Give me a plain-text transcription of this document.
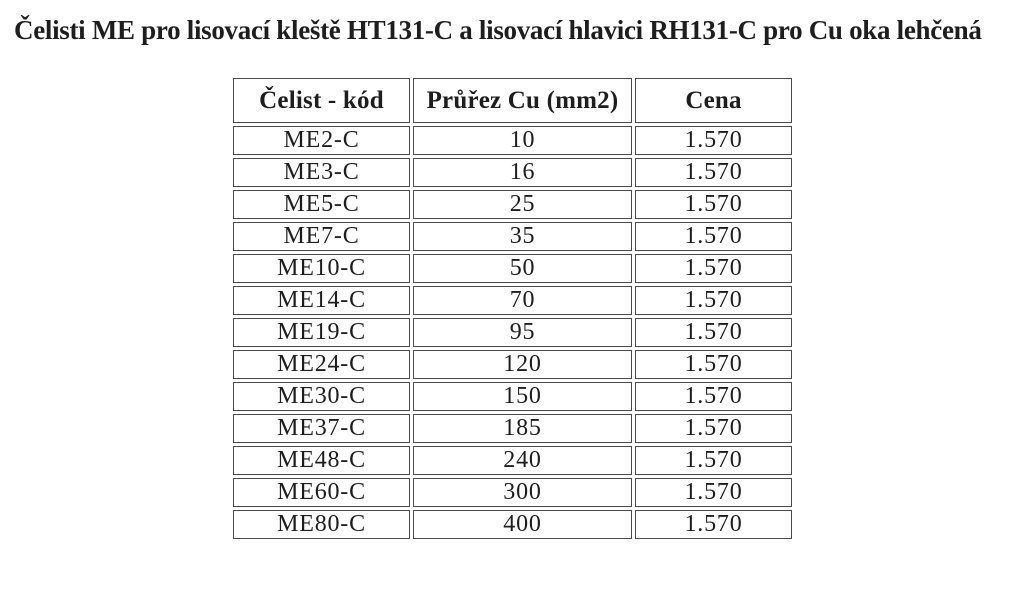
Čelisti ME pro lisovací kleště HT131-C a lisovací hlavici RH131-C pro Cu oka lehčená
Čelist - kód	Průřez Cu (mm2)	Cena
ME2-C	10	1.570
ME3-C	16	1.570
ME5-C	25	1.570
ME7-C	35	1.570
ME10-C	50	1.570
ME14-C	70	1.570
ME19-C	95	1.570
ME24-C	120	1.570
ME30-C	150	1.570
ME37-C	185	1.570
ME48-C	240	1.570
ME60-C	300	1.570
ME80-C	400	1.570
